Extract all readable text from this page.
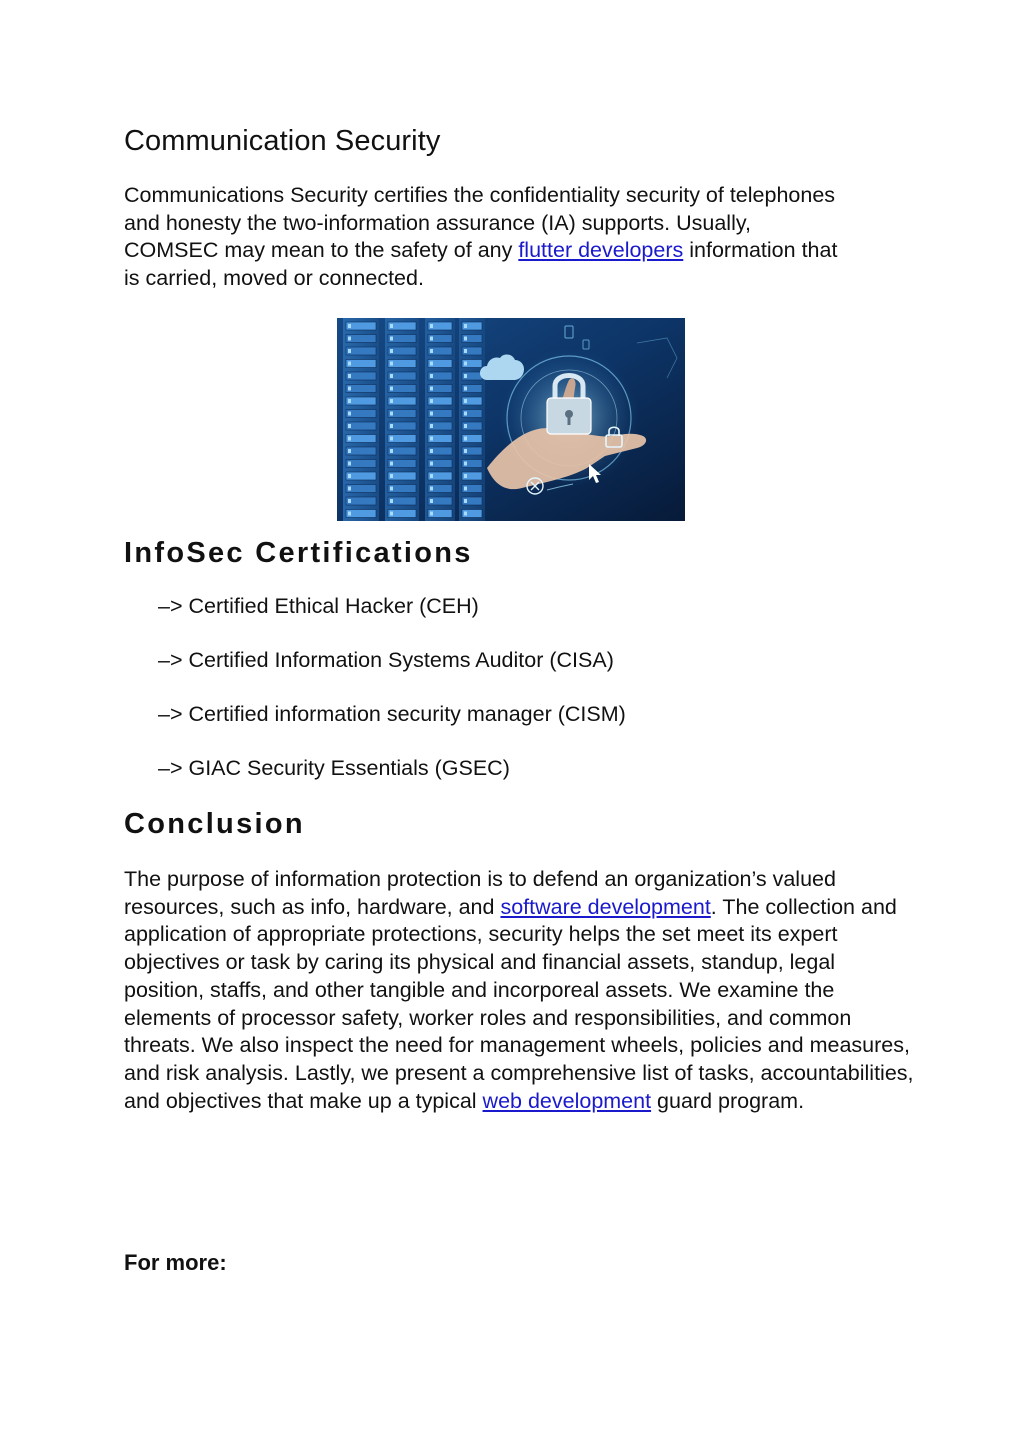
Communication Security

Communications Security certifies the confidentiality security of telephones and honesty the two-information assurance (IA) supports. Usually, COMSEC may mean to the safety of any flutter developers information that is carried, moved or connected.

InfoSec Certifications
–> Certified Ethical Hacker (CEH)
–> Certified Information Systems Auditor (CISA)
–> Certified information security manager (CISM)
–> GIAC Security Essentials (GSEC)
Conclusion

The purpose of information protection is to defend an organization’s valued resources, such as info, hardware, and software development. The collection and application of appropriate protections, security helps the set meet its expert objectives or task by caring its physical and financial assets, standup, legal position, staffs, and other tangible and incorporeal assets. We examine the elements of processor safety, worker roles and responsibilities, and common threats. We also inspect the need for management wheels, policies and measures, and risk analysis. Lastly, we present a comprehensive list of tasks, accountabilities, and objectives that make up a typical web development guard program.

For more:
